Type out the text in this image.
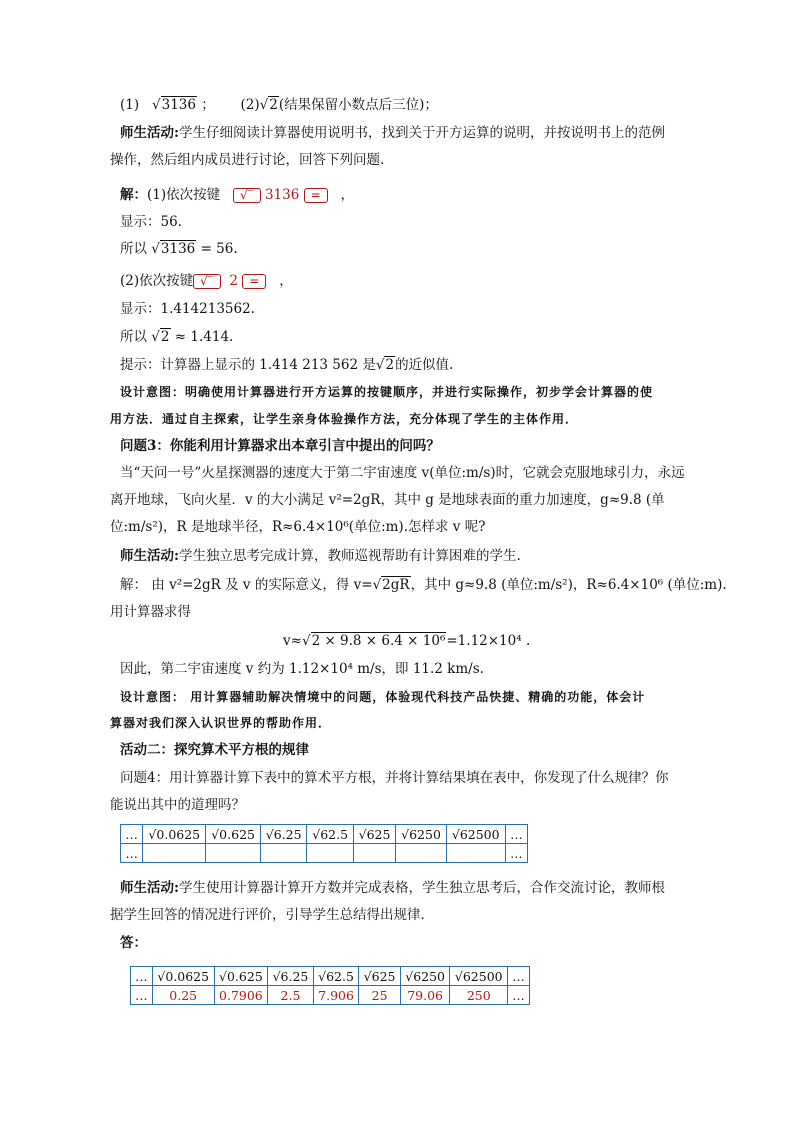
(1) √3136 ； (2)√2(结果保留小数点后三位)；
师生活动:学生仔细阅读计算器使用说明书，找到关于开方运算的说明，并按说明书上的范例
操作，然后组内成员进行讨论，回答下列问题.
解：(1)依次按键 √‾ 3136 = ，
显示：56.
所以 √3136 = 56.
(2)依次按键 √‾ 2 = ，
显示：1.414213562.
所以 √2 ≈ 1.414.
提示：计算器上显示的 1.414 213 562 是√2的近似值.
设计意图：明确使用计算器进行开方运算的按键顺序，并进行实际操作，初步学会计算器的使
用方法．通过自主探索，让学生亲身体验操作方法，充分体现了学生的主体作用．
问题3：你能利用计算器求出本章引言中提出的问吗？
当“天问一号”火星探测器的速度大于第二宇宙速度 v(单位:m/s)时，它就会克服地球引力，永远
离开地球，飞向火星．v 的大小满足 v²=2gR，其中 g 是地球表面的重力加速度，g≈9.8 (单
位:m/s²)，R 是地球半径，R≈6.4×10⁶(单位:m).怎样求 v 呢?
师生活动:学生独立思考完成计算，教师巡视帮助有计算困难的学生.
解： 由 v²=2gR 及 v 的实际意义，得 v=√2gR，其中 g≈9.8 (单位:m/s²)，R≈6.4×10⁶ (单位:m).
用计算器求得
v≈√2 × 9.8 × 6.4 × 10⁶=1.12×10⁴ .
因此，第二宇宙速度 v 约为 1.12×10⁴ m/s，即 11.2 km/s.
设计意图： 用计算器辅助解决情境中的问题，体验现代科技产品快捷、精确的功能，体会计
算器对我们深入认识世界的帮助作用．
活动二：探究算术平方根的规律
问题4：用计算器计算下表中的算术平方根，并将计算结果填在表中，你发现了什么规律？你
能说出其中的道理吗？
…	√0.0625	√0.625	√6.25	√62.5	√625	√6250	√62500	…
…								…
师生活动:学生使用计算器计算开方数并完成表格，学生独立思考后，合作交流讨论，教师根
据学生回答的情况进行评价，引导学生总结得出规律．
答：
…	√0.0625	√0.625	√6.25	√62.5	√625	√6250	√62500	…
…	0.25	0.7906	2.5	7.906	25	79.06	250	…
